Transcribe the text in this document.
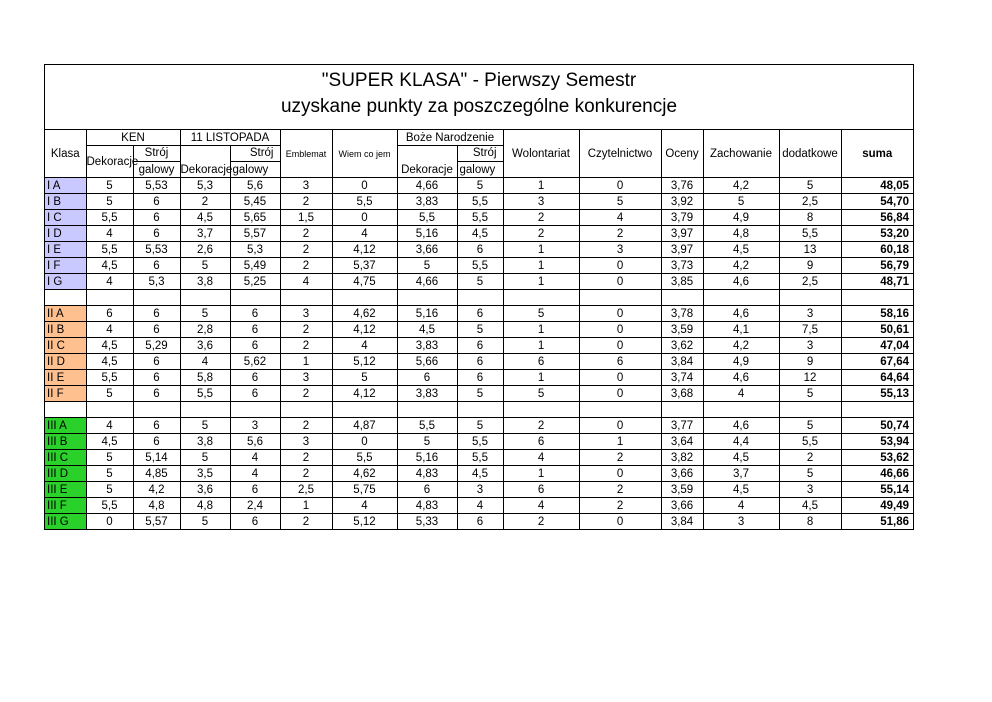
"SUPER KLASA" - Pierwszy Semestr
uzyskane punkty za poszczególne konkurencje
Klasa	KEN		11 LISTOPADA		Emblemat	Wiem co jem	Boże Narodzenie		Wolontariat	Czytelnictwo	Oceny	Zachowanie	dodatkowe	suma
	Dekoracje	Strój		Strój				Strój						
		galowy	Dekoracje	galowy			Dekoracje	galowy						
I A	5	5,53	5,3	5,6	3	0	4,66	5	1	0	3,76	4,2	5	48,05
I B	5	6	2	5,45	2	5,5	3,83	5,5	3	5	3,92	5	2,5	54,70
I C	5,5	6	4,5	5,65	1,5	0	5,5	5,5	2	4	3,79	4,9	8	56,84
I D	4	6	3,7	5,57	2	4	5,16	4,5	2	2	3,97	4,8	5,5	53,20
I E	5,5	5,53	2,6	5,3	2	4,12	3,66	6	1	3	3,97	4,5	13	60,18
I F	4,5	6	5	5,49	2	5,37	5	5,5	1	0	3,73	4,2	9	56,79
I G	4	5,3	3,8	5,25	4	4,75	4,66	5	1	0	3,85	4,6	2,5	48,71

II A	6	6	5	6	3	4,62	5,16	6	5	0	3,78	4,6	3	58,16
II B	4	6	2,8	6	2	4,12	4,5	5	1	0	3,59	4,1	7,5	50,61
II C	4,5	5,29	3,6	6	2	4	3,83	6	1	0	3,62	4,2	3	47,04
II D	4,5	6	4	5,62	1	5,12	5,66	6	6	6	3,84	4,9	9	67,64
II E	5,5	6	5,8	6	3	5	6	6	1	0	3,74	4,6	12	64,64
II F	5	6	5,5	6	2	4,12	3,83	5	5	0	3,68	4	5	55,13

III A	4	6	5	3	2	4,87	5,5	5	2	0	3,77	4,6	5	50,74
III B	4,5	6	3,8	5,6	3	0	5	5,5	6	1	3,64	4,4	5,5	53,94
III C	5	5,14	5	4	2	5,5	5,16	5,5	4	2	3,82	4,5	2	53,62
III D	5	4,85	3,5	4	2	4,62	4,83	4,5	1	0	3,66	3,7	5	46,66
III E	5	4,2	3,6	6	2,5	5,75	6	3	6	2	3,59	4,5	3	55,14
III F	5,5	4,8	4,8	2,4	1	4	4,83	4	4	2	3,66	4	4,5	49,49
III G	0	5,57	5	6	2	5,12	5,33	6	2	0	3,84	3	8	51,86
